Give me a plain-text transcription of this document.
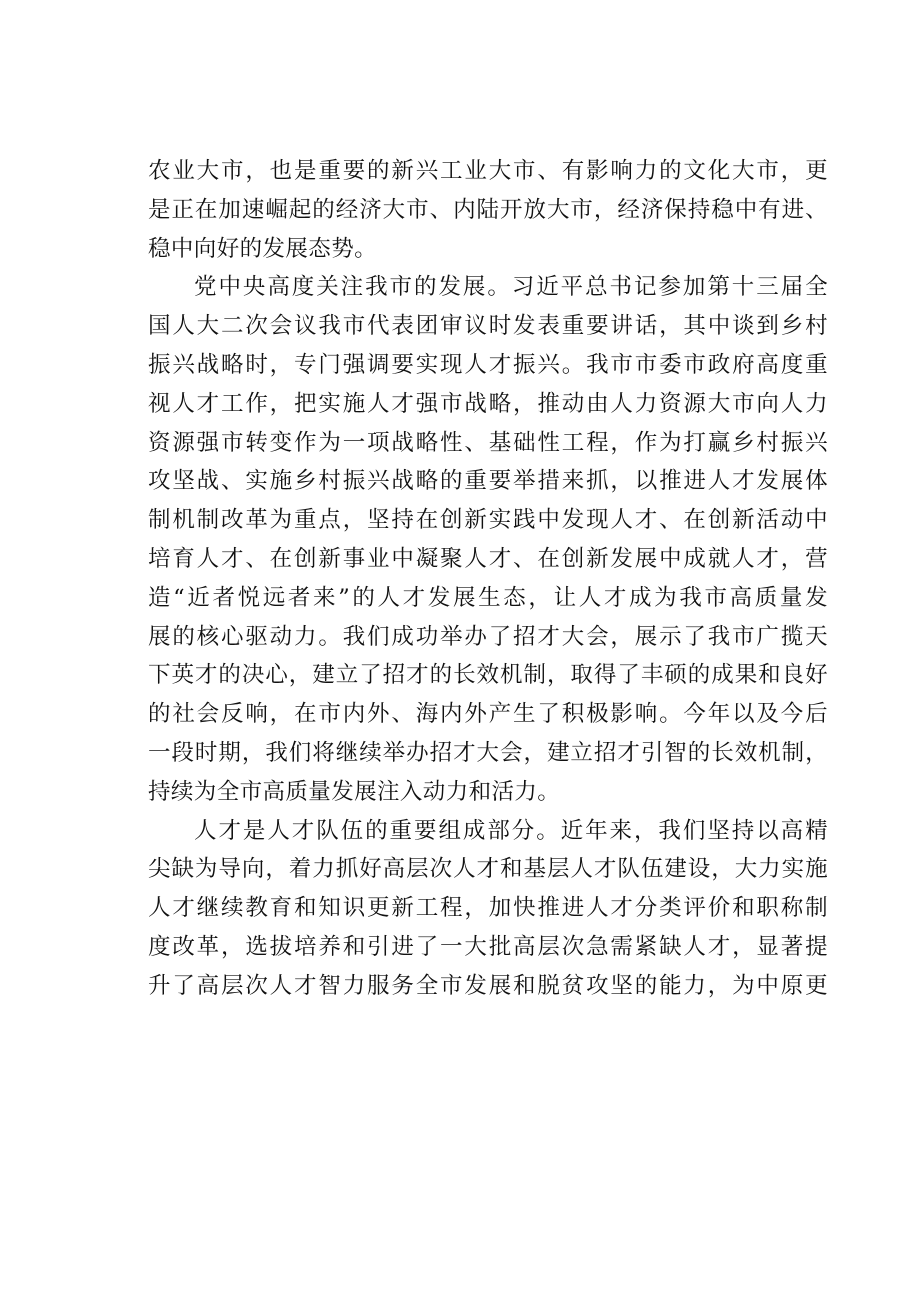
农业大市，也是重要的新兴工业大市、有影响力的文化大市，更
是正在加速崛起的经济大市、内陆开放大市，经济保持稳中有进、
稳中向好的发展态势。
党中央高度关注我市的发展。习近平总书记参加第十三届全
国人大二次会议我市代表团审议时发表重要讲话，其中谈到乡村
振兴战略时，专门强调要实现人才振兴。我市市委市政府高度重
视人才工作，把实施人才强市战略，推动由人力资源大市向人力
资源强市转变作为一项战略性、基础性工程，作为打赢乡村振兴
攻坚战、实施乡村振兴战略的重要举措来抓，以推进人才发展体
制机制改革为重点，坚持在创新实践中发现人才、在创新活动中
培育人才、在创新事业中凝聚人才、在创新发展中成就人才，营
造“近者悦远者来”的人才发展生态，让人才成为我市高质量发
展的核心驱动力。我们成功举办了招才大会，展示了我市广揽天
下英才的决心，建立了招才的长效机制，取得了丰硕的成果和良好
的社会反响，在市内外、海内外产生了积极影响。今年以及今后
一段时期，我们将继续举办招才大会，建立招才引智的长效机制，
持续为全市高质量发展注入动力和活力。
人才是人才队伍的重要组成部分。近年来，我们坚持以高精
尖缺为导向，着力抓好高层次人才和基层人才队伍建设，大力实施
人才继续教育和知识更新工程，加快推进人才分类评价和职称制
度改革，选拔培养和引进了一大批高层次急需紧缺人才，显著提
升了高层次人才智力服务全市发展和脱贫攻坚的能力，为中原更
